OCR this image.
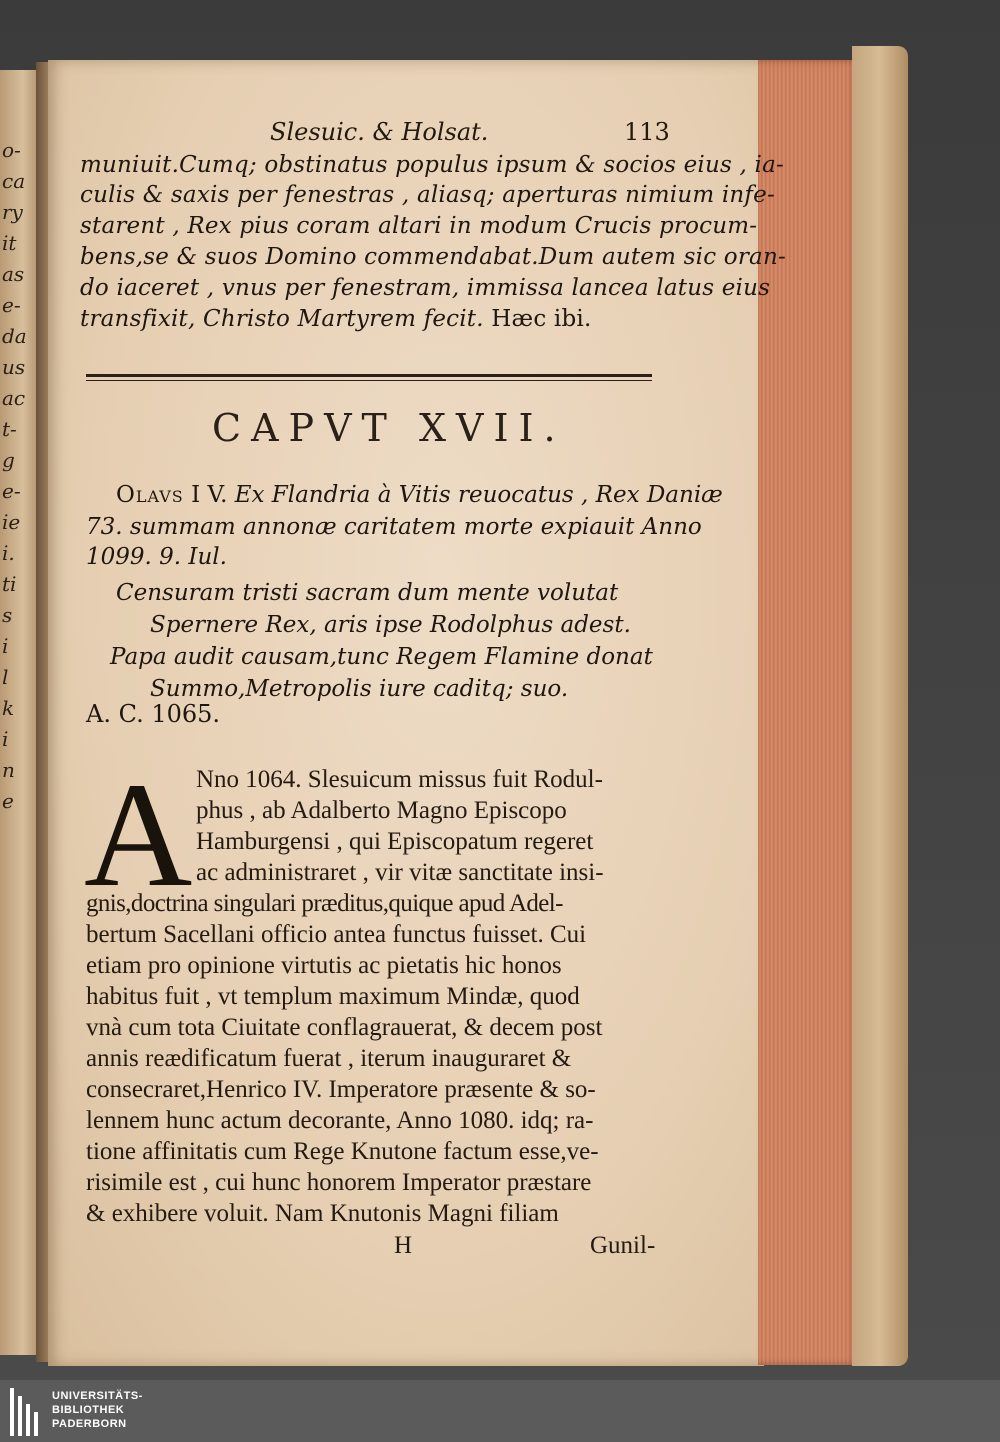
o-
ca
ry
it
as
e-
da
us
ac
t-
g
e-
ie
i.
ti
s
i
l
k
i
n
e
Slesuic. & Holsat.	113
muniuit.Cumq; obstinatus populus ipsum & socios eius , ia-
culis & saxis per fenestras , aliasq; aperturas nimium infe-
starent , Rex pius coram altari in modum Crucis procum-
bens,se & suos Domino commendabat.Dum autem sic oran-
do iaceret , vnus per fenestram, immissa lancea latus eius
transfixit, Christo Martyrem fecit. Hæc ibi.
CAPVT XVII.
Olavs I V. Ex Flandria à Vitis reuocatus , Rex Daniæ
73. summam annonæ caritatem morte expiauit Anno
1099. 9. Iul.
Censuram tristi sacram dum mente volutat
Spernere Rex, aris ipse Rodolphus adest.
Papa audit causam,tunc Regem Flamine donat
Summo,Metropolis iure caditq; suo.
A. C. 1065.
A Nno 1064. Slesuicum missus fuit Rodul-
phus , ab Adalberto Magno Episcopo
Hamburgensi , qui Episcopatum regeret
ac administraret , vir vitæ sanctitate insi-
gnis,doctrina singulari præditus,quique apud Adel-
bertum Sacellani officio antea functus fuisset. Cui
etiam pro opinione virtutis ac pietatis hic honos
habitus fuit , vt templum maximum Mindæ, quod
vnà cum tota Ciuitate conflagrauerat, & decem post
annis reædificatum fuerat , iterum inauguraret &
consecraret,Henrico IV. Imperatore præsente & so-
lennem hunc actum decorante, Anno 1080. idq; ra-
tione affinitatis cum Rege Knutone factum esse,ve-
risimile est , cui hunc honorem Imperator præstare
& exhibere voluit. Nam Knutonis Magni filiam
H	Gunil-
UNIVERSITÄTS-
BIBLIOTHEK
PADERBORN
